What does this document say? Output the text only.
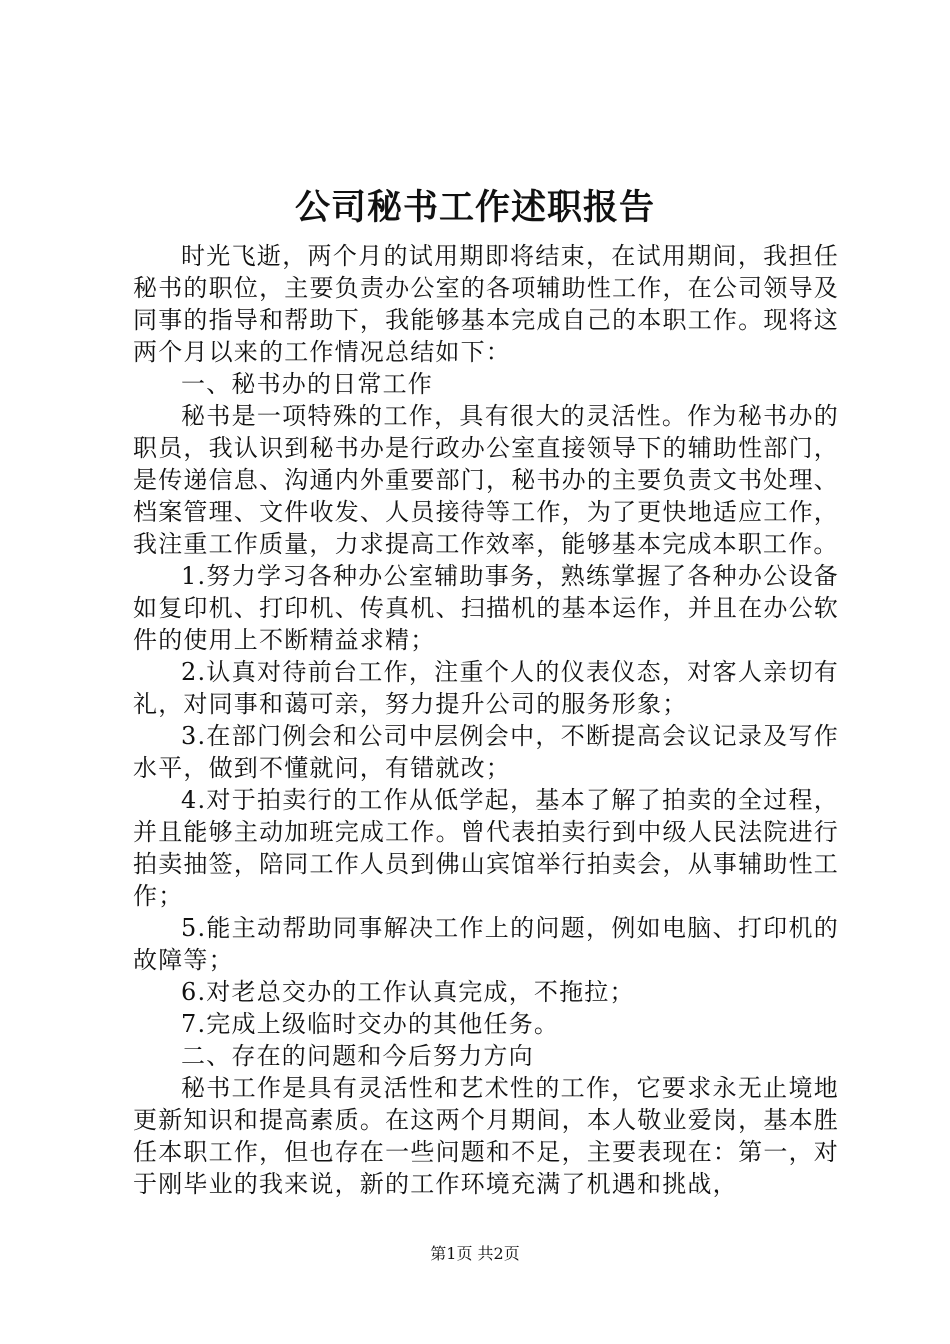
公司秘书工作述职报告

时光飞逝，两个月的试用期即将结束，在试用期间，我担任秘书的职位，主要负责办公室的各项辅助性工作，在公司领导及同事的指导和帮助下，我能够基本完成自己的本职工作。现将这两个月以来的工作情况总结如下：

一、秘书办的日常工作

秘书是一项特殊的工作，具有很大的灵活性。作为秘书办的职员，我认识到秘书办是行政办公室直接领导下的辅助性部门，是传递信息、沟通内外重要部门，秘书办的主要负责文书处理、档案管理、文件收发、人员接待等工作，为了更快地适应工作，我注重工作质量，力求提高工作效率，能够基本完成本职工作。

1.努力学习各种办公室辅助事务，熟练掌握了各种办公设备如复印机、打印机、传真机、扫描机的基本运作，并且在办公软件的使用上不断精益求精；

2.认真对待前台工作，注重个人的仪表仪态，对客人亲切有礼，对同事和蔼可亲，努力提升公司的服务形象；

3.在部门例会和公司中层例会中，不断提高会议记录及写作水平，做到不懂就问，有错就改；

4.对于拍卖行的工作从低学起，基本了解了拍卖的全过程，并且能够主动加班完成工作。曾代表拍卖行到中级人民法院进行拍卖抽签，陪同工作人员到佛山宾馆举行拍卖会，从事辅助性工作；

5.能主动帮助同事解决工作上的问题，例如电脑、打印机的故障等；

6.对老总交办的工作认真完成，不拖拉；

7.完成上级临时交办的其他任务。

二、存在的问题和今后努力方向

秘书工作是具有灵活性和艺术性的工作，它要求永无止境地更新知识和提高素质。在这两个月期间，本人敬业爱岗，基本胜任本职工作，但也存在一些问题和不足，主要表现在：第一，对于刚毕业的我来说，新的工作环境充满了机遇和挑战，

第1页 共2页
